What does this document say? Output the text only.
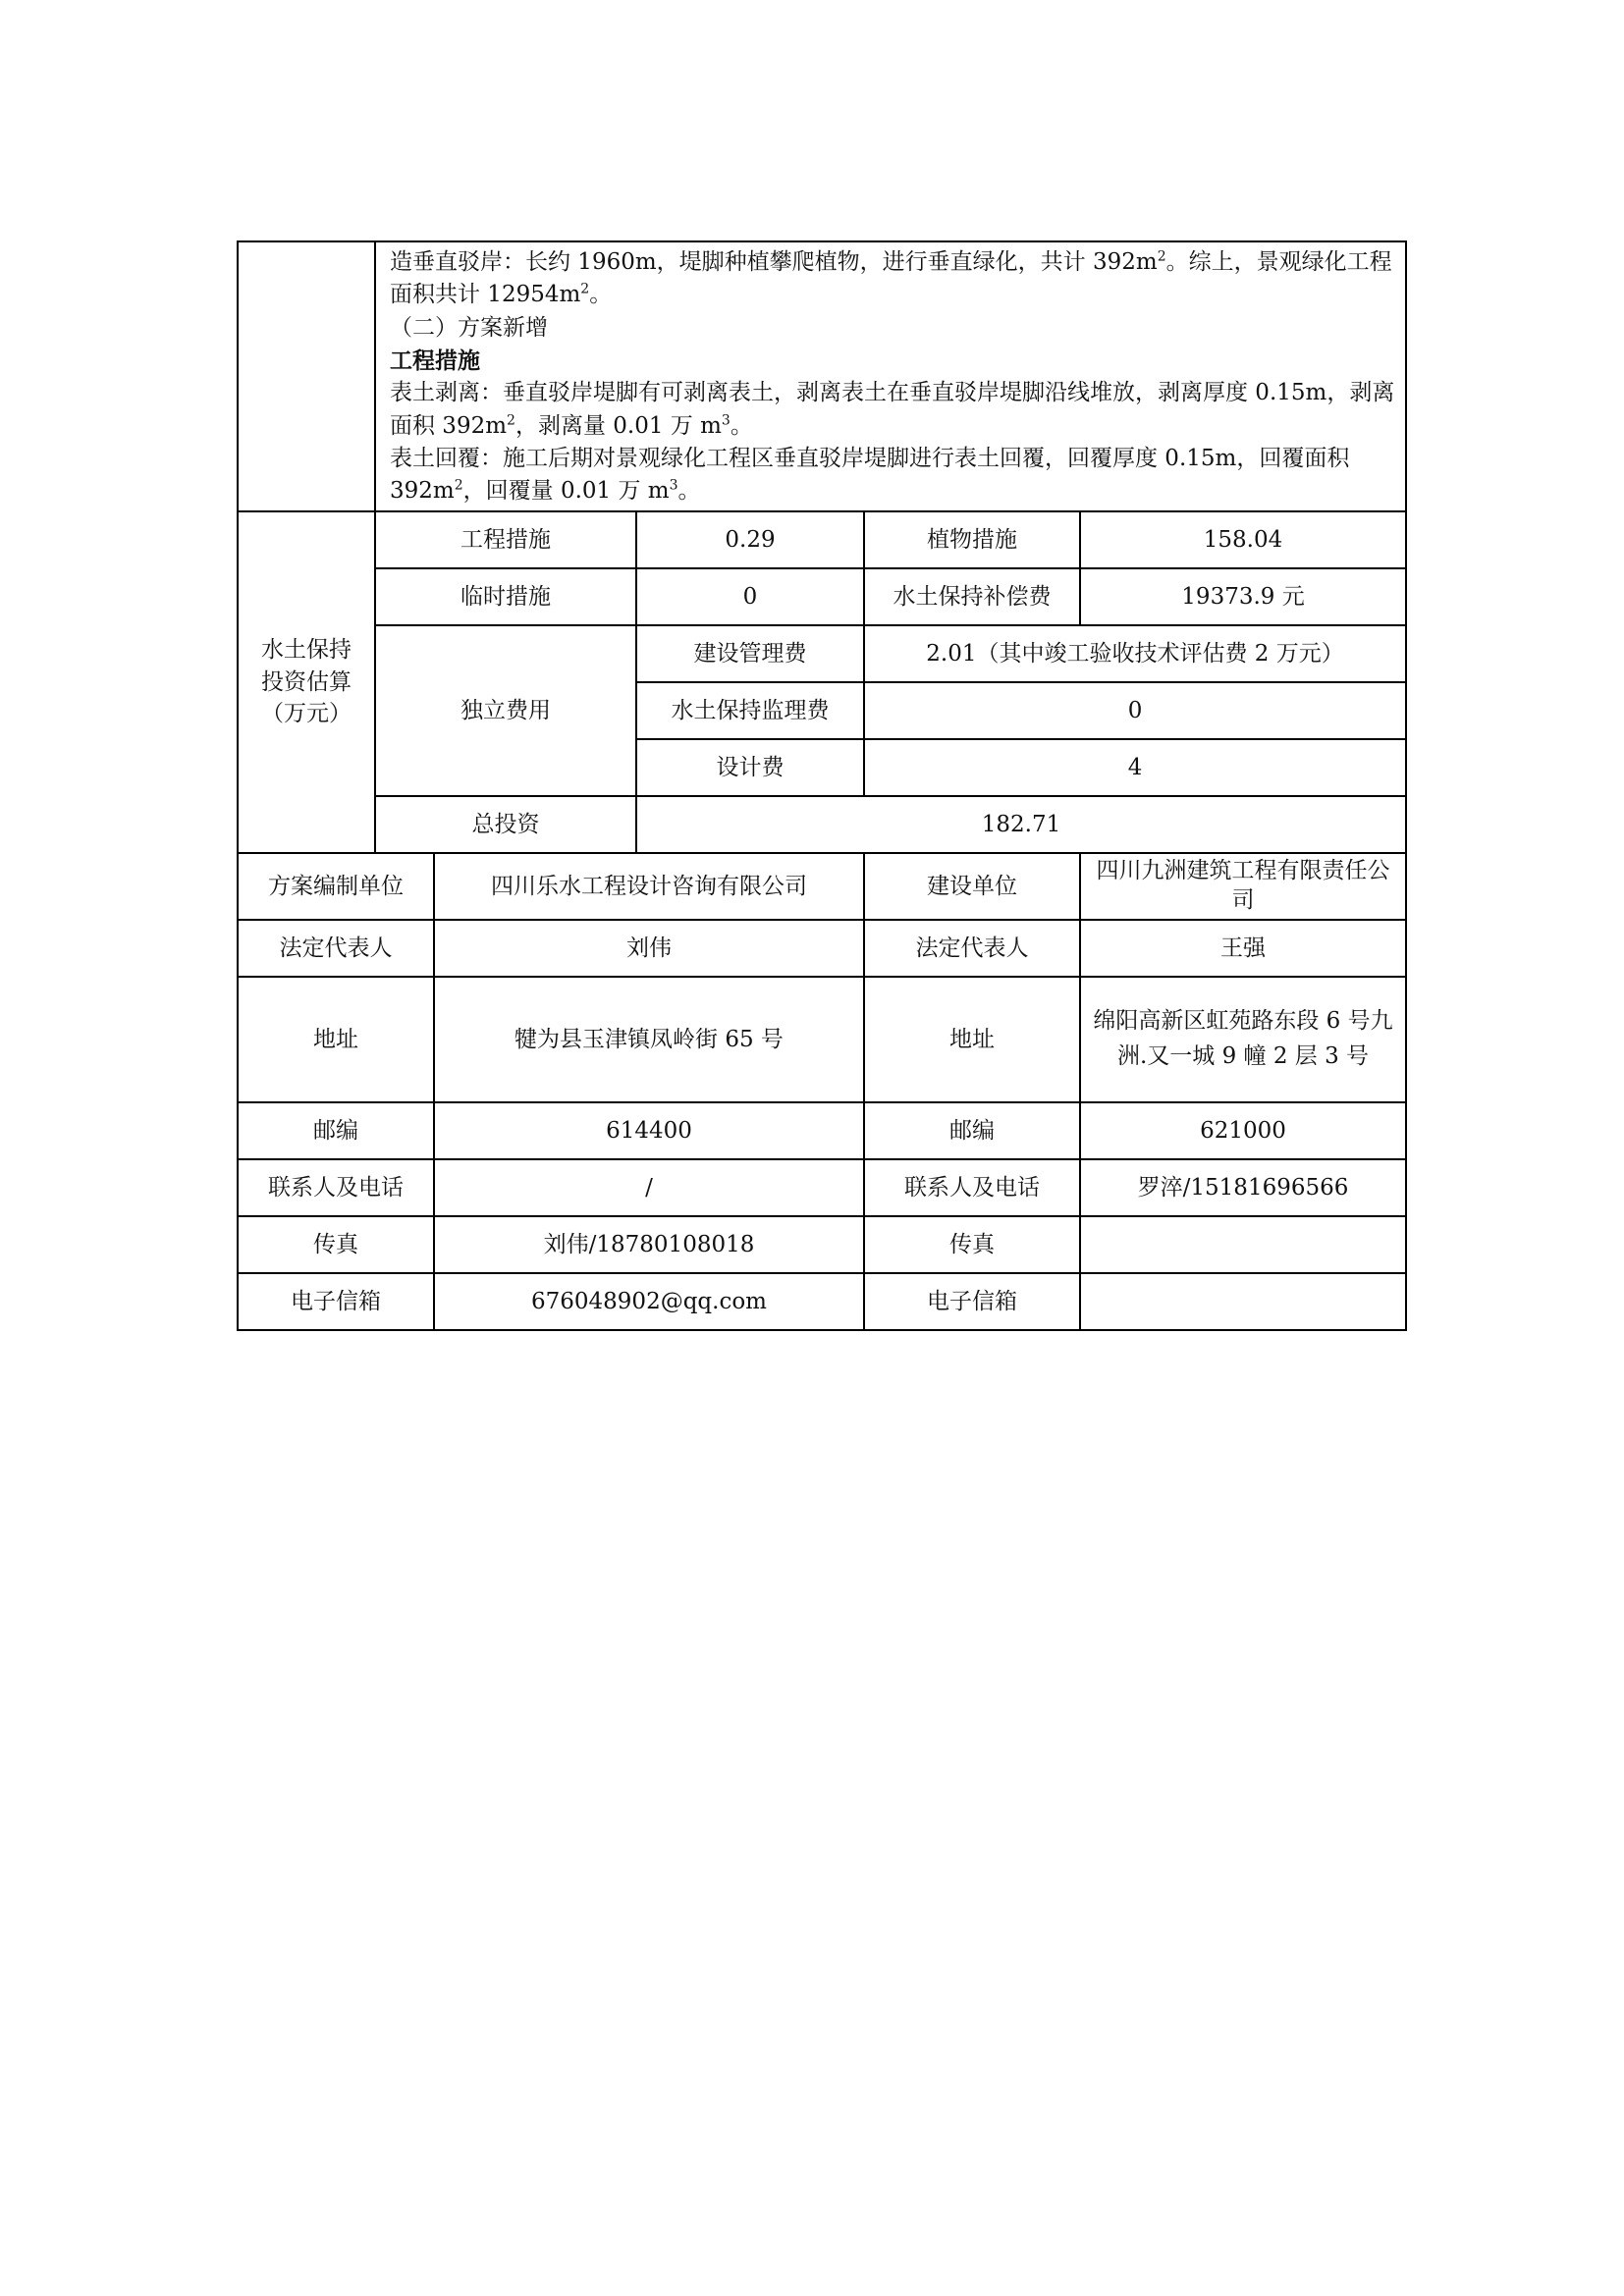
	造垂直驳岸：长约 1960m，堤脚种植攀爬植物，进行垂直绿化，共计 $392m^2$。综上，景观绿化工程面积共计 $12954m^2$。

（二）方案新增

工程措施

表土剥离：垂直驳岸堤脚有可剥离表土，剥离表土在垂直驳岸堤脚沿线堆放，剥离厚度 0.15m，剥离面积 $392m^2$，剥离量 0.01 万 $m^3$。

表土回覆：施工后期对景观绿化工程区垂直驳岸堤脚进行表土回覆，回覆厚度 0.15m，回覆面积 $392m^2$，回覆量 0.01 万 $m^3$。				

水土保持投资估算（万元）	工程措施		0.29	植物措施	158.04
	临时措施		0	水土保持补偿费	19373.9 元
	独立费用		建设管理费	2.01（其中竣工验收技术评估费 2 万元）	
			水土保持监理费	0	
			设计费	4	
	总投资		182.71		
方案编制单位		四川乐水工程设计咨询有限公司		建设单位	四川九洲建筑工程有限责任公司
法定代表人		刘伟		法定代表人	王强
地址		犍为县玉津镇凤岭街 65 号		地址	绵阳高新区虹苑路东段 6 号九洲.又一城 9 幢 2 层 3 号
邮编		614400		邮编	621000
联系人及电话		/		联系人及电话	罗淬/15181696566
传真		刘伟/18780108018		传真	
电子信箱		676048902@qq.com		电子信箱	
